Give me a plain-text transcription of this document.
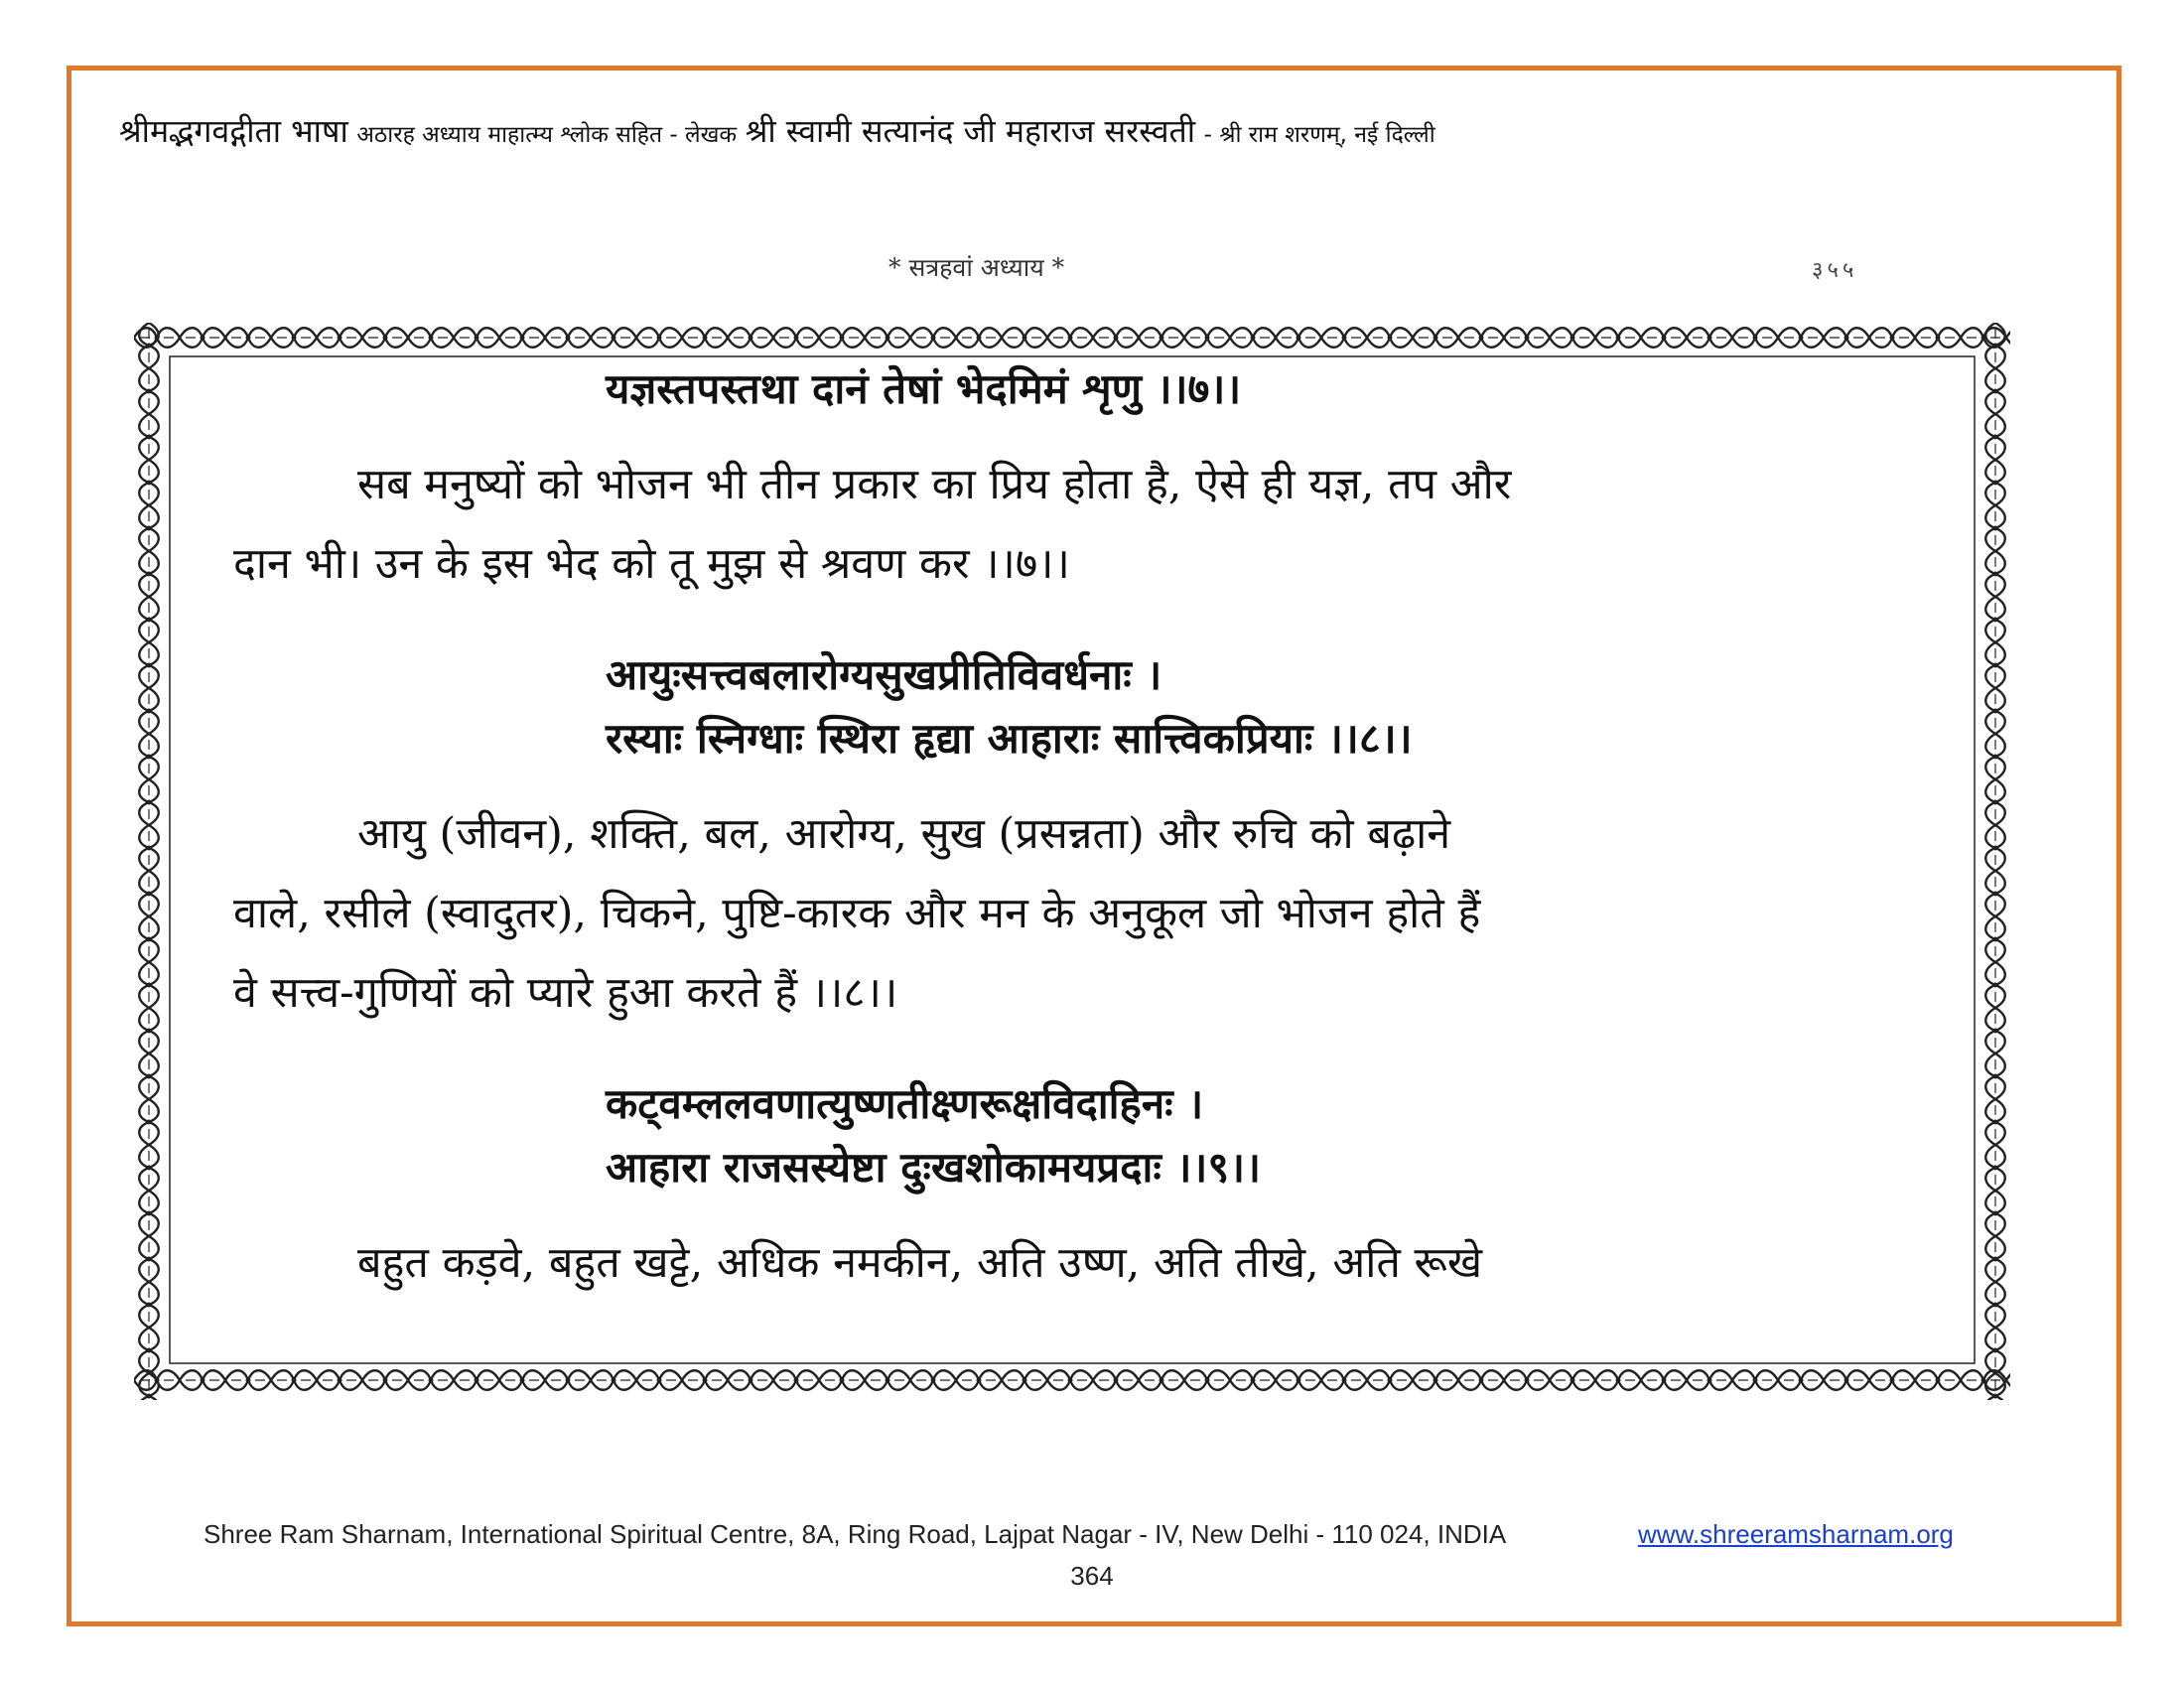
श्रीमद्भगवद्गीता भाषा अठारह अध्याय माहात्म्य श्लोक सहित - लेखक श्री स्वामी सत्यानंद जी महाराज सरस्वती - श्री राम शरणम्, नई दिल्ली
* सत्रहवां अध्याय *	३५५
यज्ञस्तपस्तथा दानं तेषां भेदमिमं शृणु ।।७।।
सब मनुष्यों को भोजन भी तीन प्रकार का प्रिय होता है, ऐसे ही यज्ञ, तप और
दान भी। उन के इस भेद को तू मुझ से श्रवण कर ।।७।।
आयुःसत्त्वबलारोग्यसुखप्रीतिविवर्धनाः ।
रस्याः स्निग्धाः स्थिरा हृद्या आहाराः सात्त्विकप्रियाः ।।८।।
आयु (जीवन), शक्ति, बल, आरोग्य, सुख (प्रसन्नता) और रुचि को बढ़ाने
वाले, रसीले (स्वादुतर), चिकने, पुष्टि-कारक और मन के अनुकूल जो भोजन होते हैं
वे सत्त्व-गुणियों को प्यारे हुआ करते हैं ।।८।।
कट्वम्ललवणात्युष्णतीक्ष्णरूक्षविदाहिनः ।
आहारा राजसस्येष्टा दुःखशोकामयप्रदाः ।।९।।
बहुत कड़वे, बहुत खट्टे, अधिक नमकीन, अति उष्ण, अति तीखे, अति रूखे
Shree Ram Sharnam, International Spiritual Centre, 8A, Ring Road, Lajpat Nagar - IV, New Delhi - 110 024, INDIA	www.shreeramsharnam.org
364
